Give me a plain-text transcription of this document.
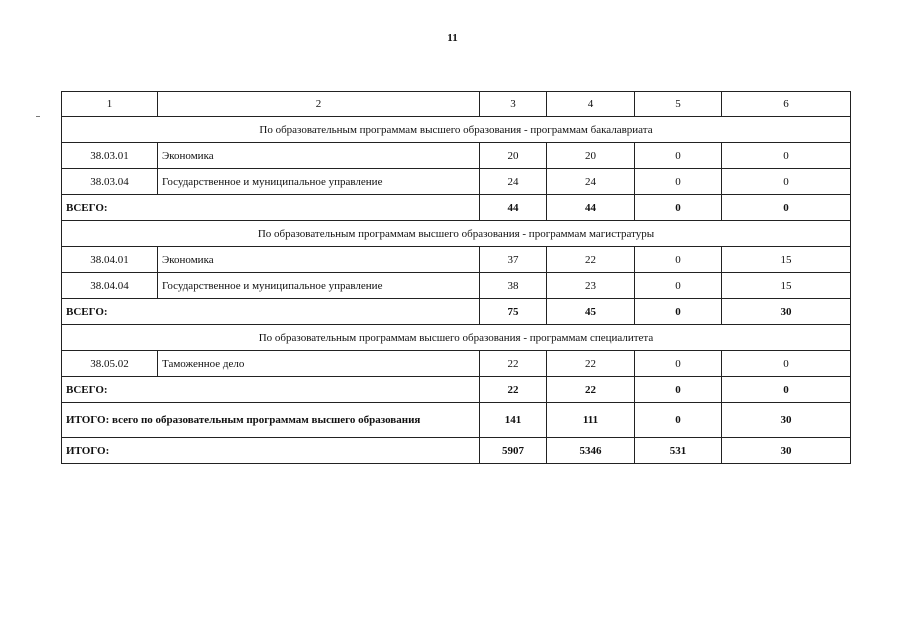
11
1	2	3	4	5	6
По образовательным программам высшего образования - программам бакалавриата					
38.03.01	Экономика	20	20	0	0
38.03.04	Государственное и муниципальное управление	24	24	0	0
ВСЕГО:		44	44	0	0
По образовательным программам высшего образования - программам магистратуры					
38.04.01	Экономика	37	22	0	15
38.04.04	Государственное и муниципальное управление	38	23	0	15
ВСЕГО:		75	45	0	30
По образовательным программам высшего образования - программам специалитета					
38.05.02	Таможенное дело	22	22	0	0
ВСЕГО:		22	22	0	0
ИТОГО: всего по образовательным программам высшего образования		141	111	0	30
ИТОГО:		5907	5346	531	30
